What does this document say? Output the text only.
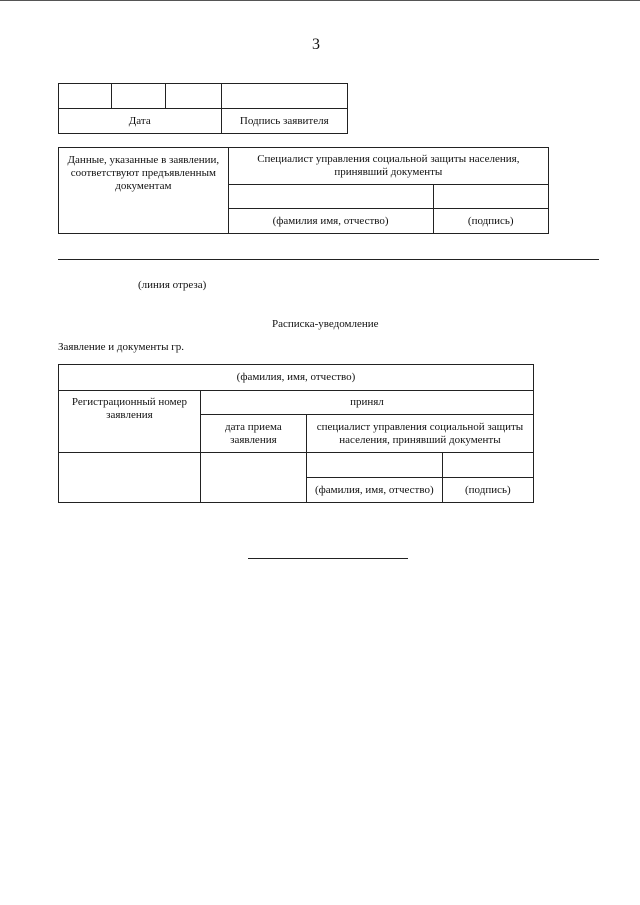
3

Дата			Подпись заявителя
Данные, указанные в заявлении, соответствуют предъявленным документам	Специалист управления социальной защиты населения, принявший документы	

	(фамилия имя, отчество)	(подпись)
(линия отреза)
Расписка-уведомление
Заявление и документы гр.
(фамилия, имя, отчество)			
Регистрационный номер заявления	принял		
	дата приема заявления	специалист управления социальной защиты населения, принявший документы	

		(фамилия, имя, отчество)	(подпись)
